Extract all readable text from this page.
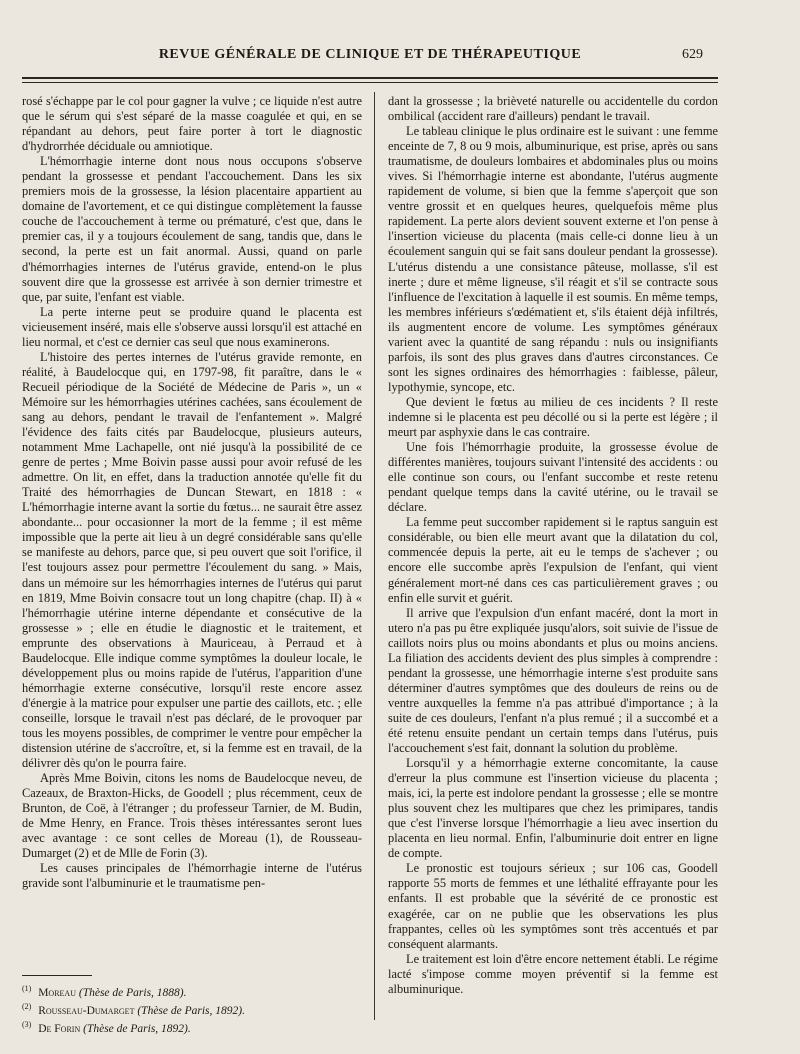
REVUE GÉNÉRALE DE CLINIQUE ET DE THÉRAPEUTIQUE	629

rosé s'échappe par le col pour gagner la vulve ; ce liquide n'est autre que le sérum qui s'est séparé de la masse coagulée et qui, en se répandant au dehors, peut faire porter à tort le diagnostic d'hydrorrhée déciduale ou amniotique.

L'hémorrhagie interne dont nous nous occupons s'observe pendant la grossesse et pendant l'accouchement. Dans les six premiers mois de la grossesse, la lésion placentaire appartient au domaine de l'avortement, et ce qui distingue complètement la fausse couche de l'accouchement à terme ou prématuré, c'est que, dans le premier cas, il y a toujours écoulement de sang, tandis que, dans le second, la perte est un fait anormal. Aussi, quand on parle d'hémorrhagies internes de l'utérus gravide, entend-on le plus souvent dire que la grossesse est arrivée à son dernier trimestre et que, par suite, l'enfant est viable.

La perte interne peut se produire quand le placenta est vicieusement inséré, mais elle s'observe aussi lorsqu'il est attaché en lieu normal, et c'est ce dernier cas seul que nous examinerons.

L'histoire des pertes internes de l'utérus gravide remonte, en réalité, à Baudelocque qui, en 1797-98, fit paraître, dans le « Recueil périodique de la Société de Médecine de Paris », un « Mémoire sur les hémorrhagies utérines cachées, sans écoulement de sang au dehors, pendant le travail de l'enfantement ». Malgré l'évidence des faits cités par Baudelocque, plusieurs auteurs, notamment Mme Lachapelle, ont nié jusqu'à la possibilité de ce genre de pertes ; Mme Boivin passe aussi pour avoir refusé de les admettre. On lit, en effet, dans la traduction annotée qu'elle fit du Traité des hémorrhagies de Duncan Stewart, en 1818 : « L'hémorrhagie interne avant la sortie du fœtus... ne saurait être assez abondante... pour occasionner la mort de la femme ; il est même impossible que la perte ait lieu à un degré considérable sans qu'elle se manifeste au dehors, parce que, si peu ouvert que soit l'orifice, il l'est toujours assez pour permettre l'écoulement du sang. » Mais, dans un mémoire sur les hémorrhagies internes de l'utérus qui parut en 1819, Mme Boivin consacre tout un long chapitre (chap. II) à « l'hémorrhagie utérine interne dépendante et consécutive de la grossesse » ; elle en étudie le diagnostic et le traitement, et emprunte des observations à Mauriceau, à Perraud et à Baudelocque. Elle indique comme symptômes la douleur locale, le développement plus ou moins rapide de l'utérus, l'apparition d'une hémorrhagie externe consécutive, lorsqu'il reste encore assez d'énergie à la matrice pour expulser une partie des caillots, etc. ; elle conseille, lorsque le travail n'est pas déclaré, de le provoquer par tous les moyens possibles, de comprimer le ventre pour empêcher la distension utérine de s'accroître, et, si la femme est en travail, de la délivrer dès qu'on le pourra faire.

Après Mme Boivin, citons les noms de Baudelocque neveu, de Cazeaux, de Braxton-Hicks, de Goodell ; plus récemment, ceux de Brunton, de Coë, à l'étranger ; du professeur Tarnier, de M. Budin, de Mme Henry, en France. Trois thèses intéressantes seront lues avec avantage : ce sont celles de Moreau (1), de Rousseau-Dumarget (2) et de Mlle de Forin (3).

Les causes principales de l'hémorrhagie interne de l'utérus gravide sont l'albuminurie et le traumatisme pen-

dant la grossesse ; la brièveté naturelle ou accidentelle du cordon ombilical (accident rare d'ailleurs) pendant le travail.

Le tableau clinique le plus ordinaire est le suivant : une femme enceinte de 7, 8 ou 9 mois, albuminurique, est prise, après ou sans traumatisme, de douleurs lombaires et abdominales plus ou moins vives. Si l'hémorrhagie interne est abondante, l'utérus augmente rapidement de volume, si bien que la femme s'aperçoit que son ventre grossit et en quelques heures, quelquefois même plus rapidement. La perte alors devient souvent externe et l'on pense à l'insertion vicieuse du placenta (mais celle-ci donne lieu à un écoulement sanguin qui se fait sans douleur pendant la grossesse). L'utérus distendu a une consistance pâteuse, mollasse, s'il est inerte ; dure et même ligneuse, s'il réagit et s'il se contracte sous l'influence de l'excitation à laquelle il est soumis. En même temps, les membres inférieurs s'œdématient et, s'ils étaient déjà infiltrés, ils augmentent encore de volume. Les symptômes généraux varient avec la quantité de sang répandu : nuls ou insignifiants parfois, ils sont des plus graves dans d'autres circonstances. Ce sont les signes ordinaires des hémorrhagies : faiblesse, pâleur, lypothymie, syncope, etc.

Que devient le fœtus au milieu de ces incidents ? Il reste indemne si le placenta est peu décollé ou si la perte est légère ; il meurt par asphyxie dans le cas contraire.

Une fois l'hémorrhagie produite, la grossesse évolue de différentes manières, toujours suivant l'intensité des accidents : ou elle continue son cours, ou l'enfant succombe et reste retenu pendant quelque temps dans la cavité utérine, ou le travail se déclare.

La femme peut succomber rapidement si le raptus sanguin est considérable, ou bien elle meurt avant que la dilatation du col, commencée depuis la perte, ait eu le temps de s'achever ; ou encore elle succombe après l'expulsion de l'enfant, qui vient généralement mort-né dans ces cas particulièrement graves ; ou enfin elle survit et guérit.

Il arrive que l'expulsion d'un enfant macéré, dont la mort in utero n'a pas pu être expliquée jusqu'alors, soit suivie de l'issue de caillots noirs plus ou moins abondants et plus ou moins anciens. La filiation des accidents devient des plus simples à comprendre : pendant la grossesse, une hémorrhagie interne s'est produite sans déterminer d'autres symptômes que des douleurs de reins ou de ventre auxquelles la femme n'a pas attribué d'importance ; à la suite de ces douleurs, l'enfant n'a plus remué ; il a succombé et a été retenu ensuite pendant un certain temps dans l'utérus, puis l'accouchement s'est fait, donnant la solution du problème.

Lorsqu'il y a hémorrhagie externe concomitante, la cause d'erreur la plus commune est l'insertion vicieuse du placenta ; mais, ici, la perte est indolore pendant la grossesse ; elle se montre plus souvent chez les multipares que chez les primipares, tandis que c'est l'inverse lorsque l'hémorrhagie a lieu avec insertion du placenta en lieu normal. Enfin, l'albuminurie doit entrer en ligne de compte.

Le pronostic est toujours sérieux ; sur 106 cas, Goodell rapporte 55 morts de femmes et une léthalité effrayante pour les enfants. Il est probable que la sévérité de ce pronostic est exagérée, car on ne publie que les observations les plus frappantes, celles où les symptômes sont très accentués et par conséquent alarmants.

Le traitement est loin d'être encore nettement établi. Le régime lacté s'impose comme moyen préventif si la femme est albuminurique.

$^{(1)}$ Moreau (Thèse de Paris, 1888).

$^{(2)}$ Rousseau-Dumarget (Thèse de Paris, 1892).

$^{(3)}$ De Forin (Thèse de Paris, 1892).
